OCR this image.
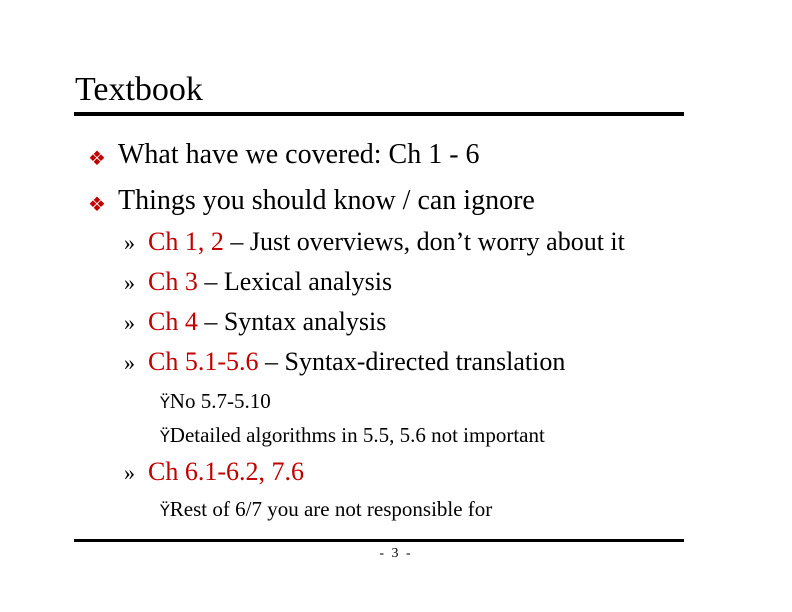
Textbook
❖ What have we covered: Ch 1 - 6
❖ Things you should know / can ignore
» Ch 1, 2 – Just overviews, don’t worry about it
» Ch 3 – Lexical analysis
» Ch 4 – Syntax analysis
» Ch 5.1-5.6 – Syntax-directed translation
ŸNo 5.7-5.10
ŸDetailed algorithms in 5.5, 5.6 not important
» Ch 6.1-6.2, 7.6
ŸRest of 6/7 you are not responsible for
- 3 -
